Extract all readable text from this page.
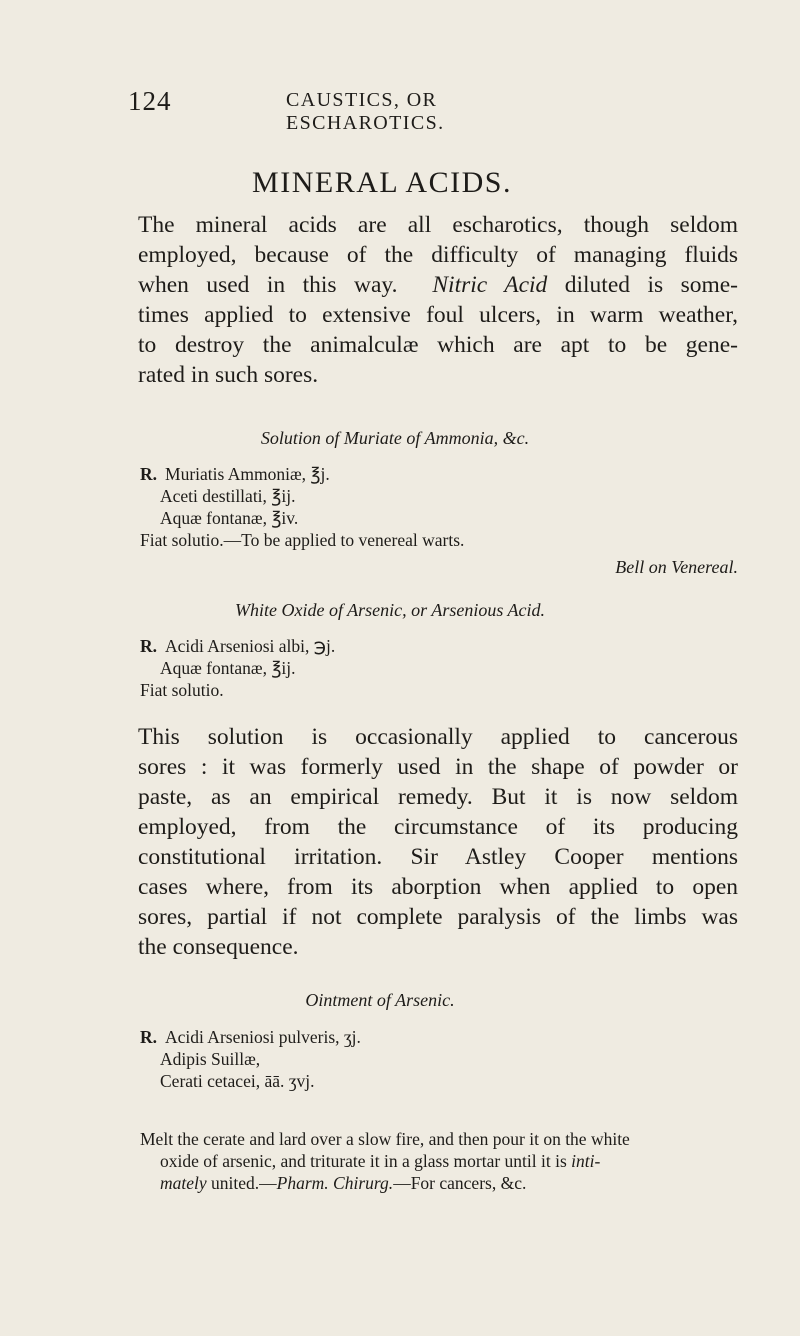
124	CAUSTICS, OR ESCHAROTICS.
MINERAL ACIDS.
The mineral acids are all escharotics, though seldom
employed, because of the difficulty of managing fluids
when used in this way. Nitric Acid diluted is some-
times applied to extensive foul ulcers, in warm weather,
to destroy the animalculæ which are apt to be gene-
rated in such sores.
Solution of Muriate of Ammonia, &c.
R. Muriatis Ammoniæ, ℥j.
Aceti destillati, ℥ij.
Aquæ fontanæ, ℥iv.
Fiat solutio.—To be applied to venereal warts.
Bell on Venereal.
White Oxide of Arsenic, or Arsenious Acid.
R. Acidi Arseniosi albi, ℈j.
Aquæ fontanæ, ℥ij.
Fiat solutio.
This solution is occasionally applied to cancerous
sores : it was formerly used in the shape of powder or
paste, as an empirical remedy. But it is now seldom
employed, from the circumstance of its producing
constitutional irritation. Sir Astley Cooper mentions
cases where, from its aborption when applied to open
sores, partial if not complete paralysis of the limbs was
the consequence.
Ointment of Arsenic.
R. Acidi Arseniosi pulveris, ʒj.
Adipis Suillæ,
Cerati cetacei, āā. ʒvj.
Melt the cerate and lard over a slow fire, and then pour it on the white
oxide of arsenic, and triturate it in a glass mortar until it is inti-
mately united.—Pharm. Chirurg.—For cancers, &c.
